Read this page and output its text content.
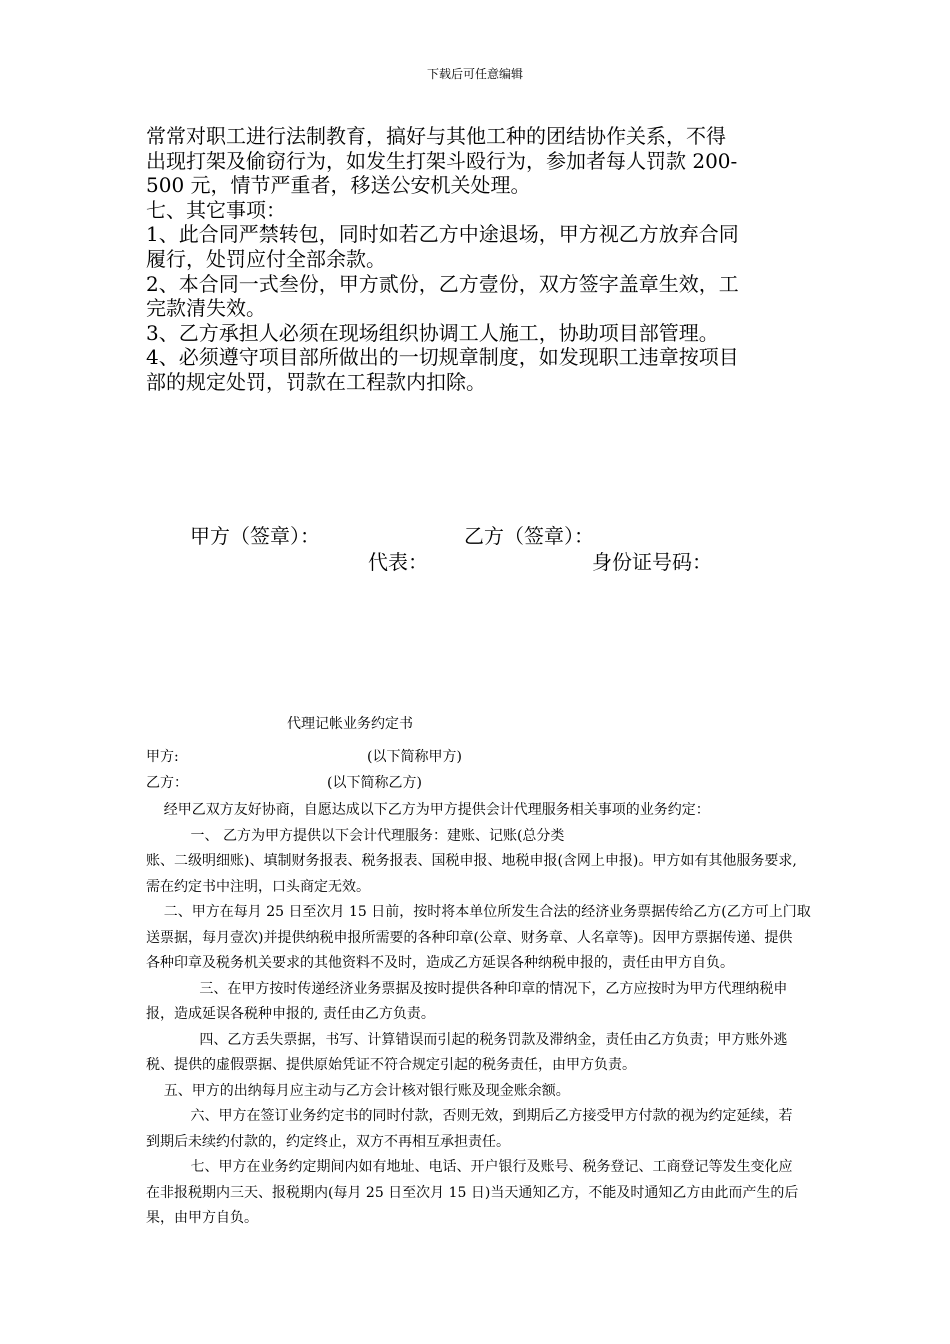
下载后可任意编辑

常常对职工进行法制教育，搞好与其他工种的团结协作关系，不得

出现打架及偷窃行为，如发生打架斗殴行为，参加者每人罚款 200-

500 元，情节严重者，移送公安机关处理。

七、其它事项：

1、此合同严禁转包，同时如若乙方中途退场，甲方视乙方放弃合同

履行，处罚应付全部余款。

2、本合同一式叁份，甲方贰份，乙方壹份，双方签字盖章生效，工

完款清失效。

3、乙方承担人必须在现场组织协调工人施工，协助项目部管理。

4、必须遵守项目部所做出的一切规章制度，如发现职工违章按项目

部的规定处罚，罚款在工程款内扣除。

甲方（签章）：	乙方（签章）：
代表：	身份证号码：
代理记帐业务约定书
甲方:	(以下简称甲方)
乙方：	(以下简称乙方)

经甲乙双方友好协商，自愿达成以下乙方为甲方提供会计代理服务相关事项的业务约定：

一、 乙方为甲方提供以下会计代理服务：建账、记账(总分类

账、二级明细账)、填制财务报表、税务报表、国税申报、地税申报(含网上申报)。甲方如有其他服务要求,

需在约定书中注明，口头商定无效。

二、甲方在每月 25 日至次月 15 日前，按时将本单位所发生合法的经济业务票据传给乙方(乙方可上门取

送票据，每月壹次)并提供纳税申报所需要的各种印章(公章、财务章、人名章等)。因甲方票据传递、提供

各种印章及税务机关要求的其他资料不及时，造成乙方延误各种纳税申报的，责任由甲方自负。

三、在甲方按时传递经济业务票据及按时提供各种印章的情况下，乙方应按时为甲方代理纳税申

报，造成延误各税种申报的, 责任由乙方负责。

四、乙方丢失票据，书写、计算错误而引起的税务罚款及滞纳金，责任由乙方负责；甲方账外逃

税、提供的虚假票据、提供原始凭证不符合规定引起的税务责任，由甲方负责。

五、甲方的出纳每月应主动与乙方会计核对银行账及现金账余额。

六、甲方在签订业务约定书的同时付款，否则无效，到期后乙方接受甲方付款的视为约定延续，若

到期后未续约付款的，约定终止，双方不再相互承担责任。

七、甲方在业务约定期间内如有地址、电话、开户银行及账号、税务登记、工商登记等发生变化应

在非报税期内三天、报税期内(每月 25 日至次月 15 日)当天通知乙方，不能及时通知乙方由此而产生的后

果，由甲方自负。
